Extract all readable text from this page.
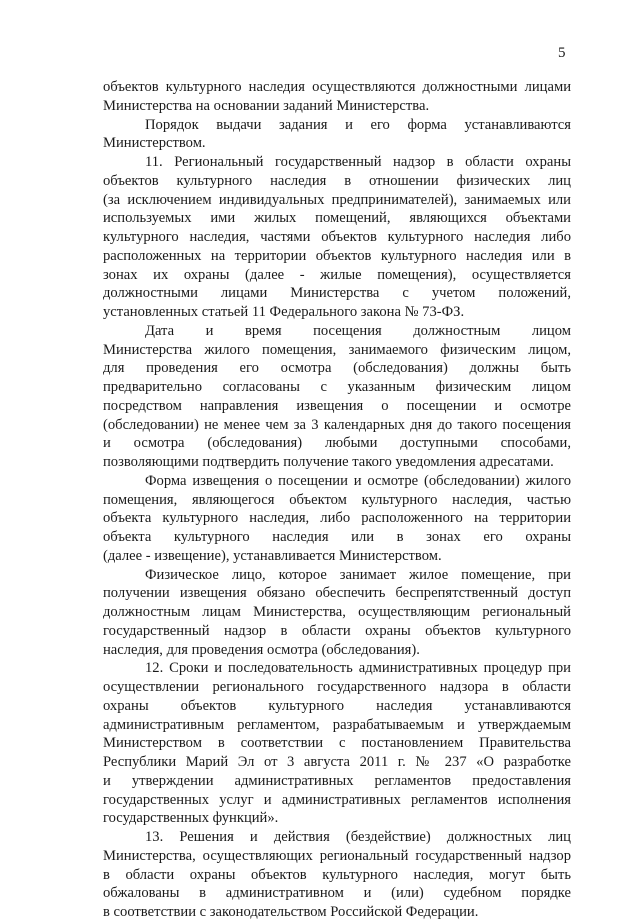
5
объектов культурного наследия осуществляются должностными лицами
Министерства на основании заданий Министерства.
Порядок выдачи задания и его форма устанавливаются
Министерством.
11. Региональный государственный надзор в области охраны
объектов культурного наследия в отношении физических лиц
(за исключением индивидуальных предпринимателей), занимаемых или
используемых ими жилых помещений, являющихся объектами
культурного наследия, частями объектов культурного наследия либо
расположенных на территории объектов культурного наследия или в
зонах их охраны (далее - жилые помещения), осуществляется
должностными лицами Министерства с учетом положений,
установленных статьей 11 Федерального закона № 73-ФЗ.
Дата и время посещения должностным лицом
Министерства жилого помещения, занимаемого физическим лицом,
для проведения его осмотра (обследования) должны быть
предварительно согласованы с указанным физическим лицом
посредством направления извещения о посещении и осмотре
(обследовании) не менее чем за 3 календарных дня до такого посещения
и осмотра (обследования) любыми доступными способами,
позволяющими подтвердить получение такого уведомления адресатами.
Форма извещения о посещении и осмотре (обследовании) жилого
помещения, являющегося объектом культурного наследия, частью
объекта культурного наследия, либо расположенного на территории
объекта культурного наследия или в зонах его охраны
(далее - извещение), устанавливается Министерством.
Физическое лицо, которое занимает жилое помещение, при
получении извещения обязано обеспечить беспрепятственный доступ
должностным лицам Министерства, осуществляющим региональный
государственный надзор в области охраны объектов культурного
наследия, для проведения осмотра (обследования).
12. Сроки и последовательность административных процедур при
осуществлении регионального государственного надзора в области
охраны объектов культурного наследия устанавливаются
административным регламентом, разрабатываемым и утверждаемым
Министерством в соответствии с постановлением Правительства
Республики Марий Эл от 3 августа 2011 г. № 237 «О разработке
и утверждении административных регламентов предоставления
государственных услуг и административных регламентов исполнения
государственных функций».
13. Решения и действия (бездействие) должностных лиц
Министерства, осуществляющих региональный государственный надзор
в области охраны объектов культурного наследия, могут быть
обжалованы в административном и (или) судебном порядке
в соответствии с законодательством Российской Федерации.
